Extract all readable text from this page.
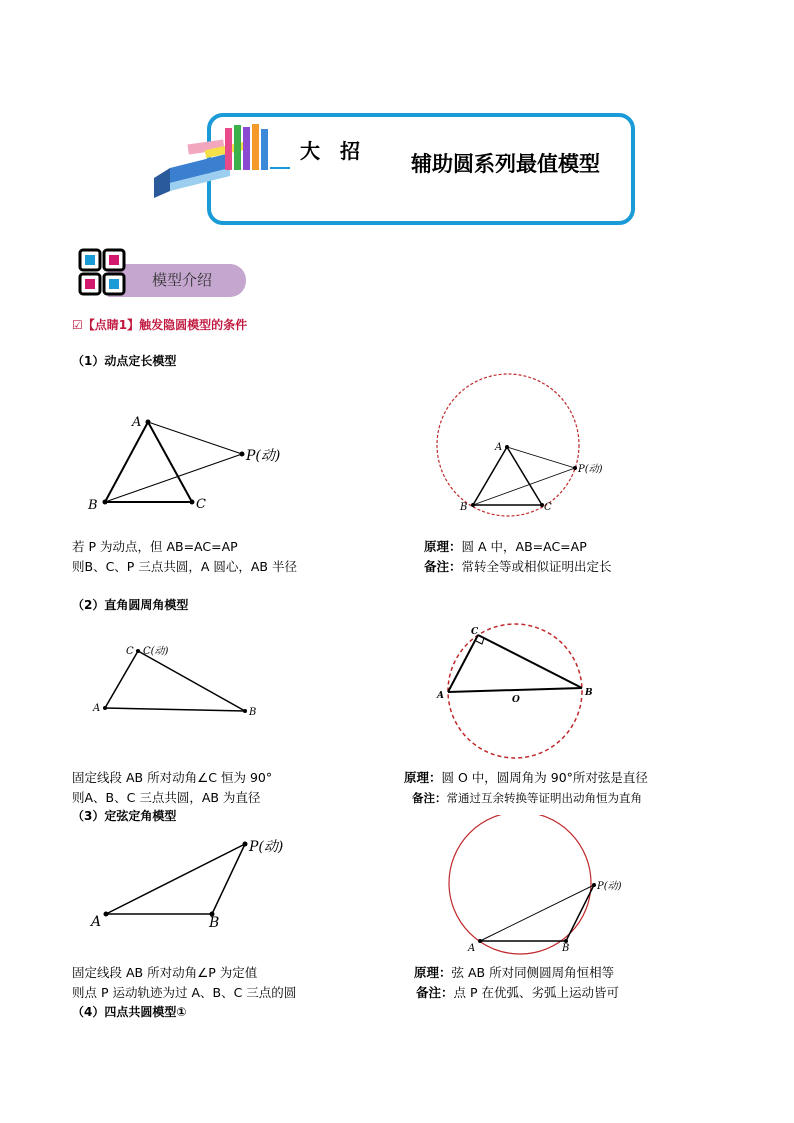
大招 辅助圆系列最值模型
模型介绍
☑【点睛1】触发隐圆模型的条件
（1）动点定长模型
A
B	C
P(动)
A
B	C
P(动)
若 P 为动点，但 AB=AC=AP
则B、C、P 三点共圆，A 圆心，AB 半径
原理：圆 A 中，AB=AC=AP
备注：常转全等或相似证明出定长
（2）直角圆周角模型
C C(动)
A	B
C
A	B
O
固定线段 AB 所对动角∠C 恒为 90°
则A、B、C 三点共圆，AB 为直径
原理：圆 O 中，圆周角为 90°所对弦是直径
备注：常通过互余转换等证明出动角恒为直角
（3）定弦定角模型
A	B
P(动)
A	B
P(动)
固定线段 AB 所对动角∠P 为定值
则点 P 运动轨迹为过 A、B、C 三点的圆
原理：弦 AB 所对同侧圆周角恒相等
备注：点 P 在优弧、劣弧上运动皆可
（4）四点共圆模型①
